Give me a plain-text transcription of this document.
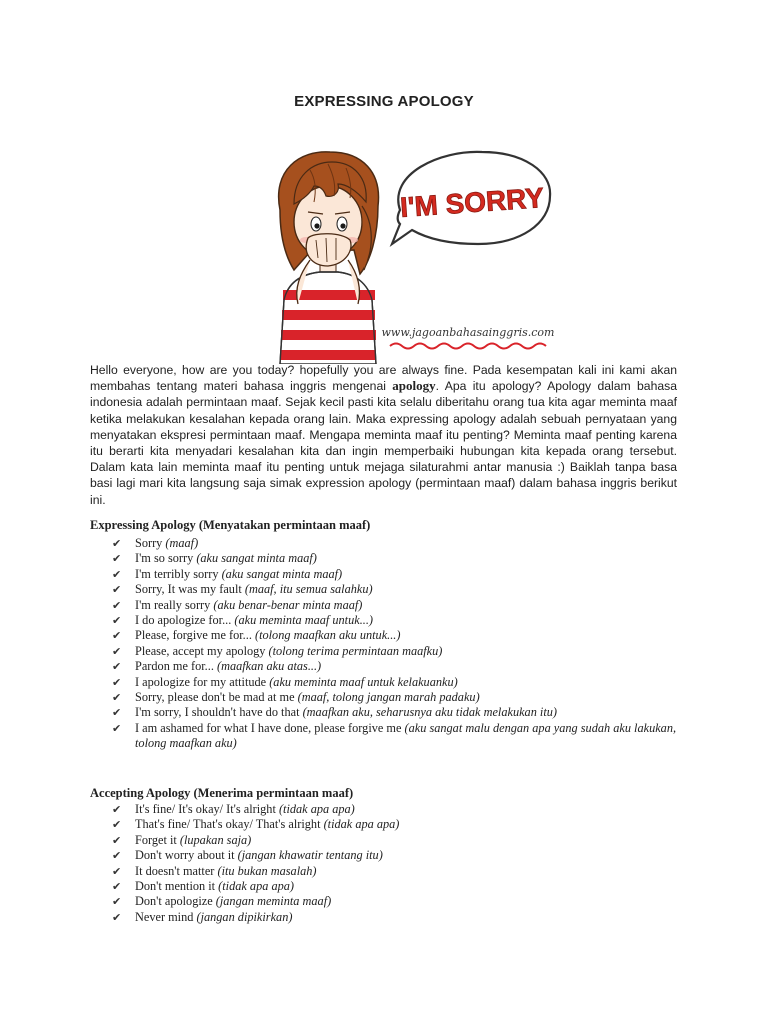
EXPRESSING APOLOGY
I'M SORRY
www.jagoanbahasainggris.com

Hello everyone, how are you today? hopefully you are always fine. Pada kesempatan kali ini kami akan membahas tentang materi bahasa inggris mengenai apology. Apa itu apology? Apology dalam bahasa indonesia adalah permintaan maaf. Sejak kecil pasti kita selalu diberitahu orang tua kita agar meminta maaf ketika melakukan kesalahan kepada orang lain. Maka expressing apology adalah sebuah pernyataan yang menyatakan ekspresi permintaan maaf. Mengapa meminta maaf itu penting? Meminta maaf penting karena itu berarti kita menyadari kesalahan kita dan ingin memperbaiki hubungan kita kepada orang tersebut. Dalam kata lain meminta maaf itu penting untuk mejaga silaturahmi antar manusia :) Baiklah tanpa basa basi lagi mari kita langsung saja simak expression apology (permintaan maaf) dalam bahasa inggris berikut ini.

Expressing Apology (Menyatakan permintaan maaf)
✔ Sorry (maaf)
✔ I'm so sorry (aku sangat minta maaf)
✔ I'm terribly sorry (aku sangat minta maaf)
✔ Sorry, It was my fault (maaf, itu semua salahku)
✔ I'm really sorry (aku benar-benar minta maaf)
✔ I do apologize for... (aku meminta maaf untuk...)
✔ Please, forgive me for... (tolong maafkan aku untuk...)
✔ Please, accept my apology (tolong terima permintaan maafku)
✔ Pardon me for... (maafkan aku atas...)
✔ I apologize for my attitude (aku meminta maaf untuk kelakuanku)
✔ Sorry, please don't be mad at me (maaf, tolong jangan marah padaku)
✔ I'm sorry, I shouldn't have do that (maafkan aku, seharusnya aku tidak melakukan itu)
✔ I am ashamed for what I have done, please forgive me (aku sangat malu dengan apa yang sudah aku lakukan, tolong maafkan aku)
Accepting Apology (Menerima permintaan maaf)
✔ It's fine/ It's okay/ It's alright (tidak apa apa)
✔ That's fine/ That's okay/ That's alright (tidak apa apa)
✔ Forget it (lupakan saja)
✔ Don't worry about it (jangan khawatir tentang itu)
✔ It doesn't matter (itu bukan masalah)
✔ Don't mention it (tidak apa apa)
✔ Don't apologize (jangan meminta maaf)
✔ Never mind (jangan dipikirkan)
